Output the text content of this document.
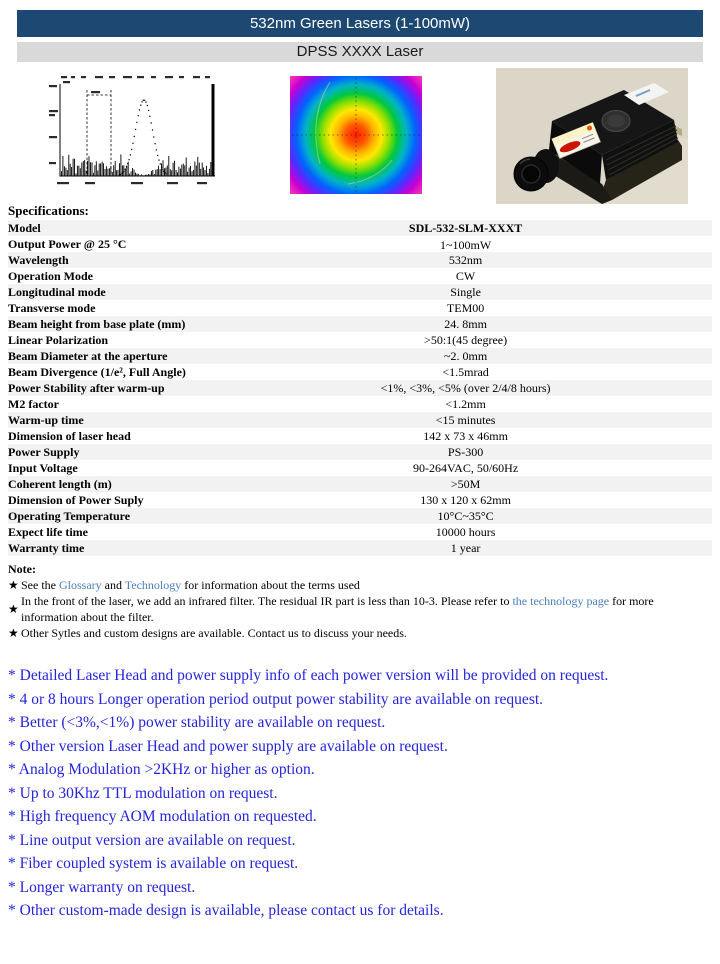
532nm Green Lasers (1-100mW)
DPSS XXXX Laser
Specifications:
Model	SDL-532-SLM-XXXT
Output Power @ 25 °C	1~100mW
Wavelength	532nm
Operation Mode	CW
Longitudinal mode	Single
Transverse mode	TEM00
Beam height from base plate (mm)	24. 8mm
Linear Polarization	>50:1(45 degree)
Beam Diameter at the aperture	~2. 0mm
Beam Divergence (1/e², Full Angle)	<1.5mrad
Power Stability after warm-up	<1%, <3%, <5% (over 2/4/8 hours)
M2 factor	<1.2mm
Warm-up time	<15 minutes
Dimension of laser head	142 x 73 x 46mm
Power Supply	PS-300
Input Voltage	90-264VAC, 50/60Hz
Coherent length (m)	>50M
Dimension of Power Suply	130 x 120 x 62mm
Operating Temperature	10°C~35°C
Expect life time	10000 hours
Warranty time	1 year
Note:
★ See the Glossary and Technology for information about the terms used
★
In the front of the laser, we add an infrared filter. The residual IR part is less than 10-3. Please refer to the technology page for more information about the filter.
★ Other Sytles and custom designs are available. Contact us to discuss your needs.
* Detailed Laser Head and power supply info of each power version will be provided on request.
* 4 or 8 hours Longer operation period output power stability are available on request.
* Better (<3%,<1%) power stability are available on request.
* Other version Laser Head and power supply are available on request.
* Analog Modulation >2KHz or higher as option.
* Up to 30Khz TTL modulation on request.
* High frequency AOM modulation on requested.
* Line output version are available on request.
* Fiber coupled system is available on request.
* Longer warranty on request.
* Other custom-made design is available, please contact us for details.
